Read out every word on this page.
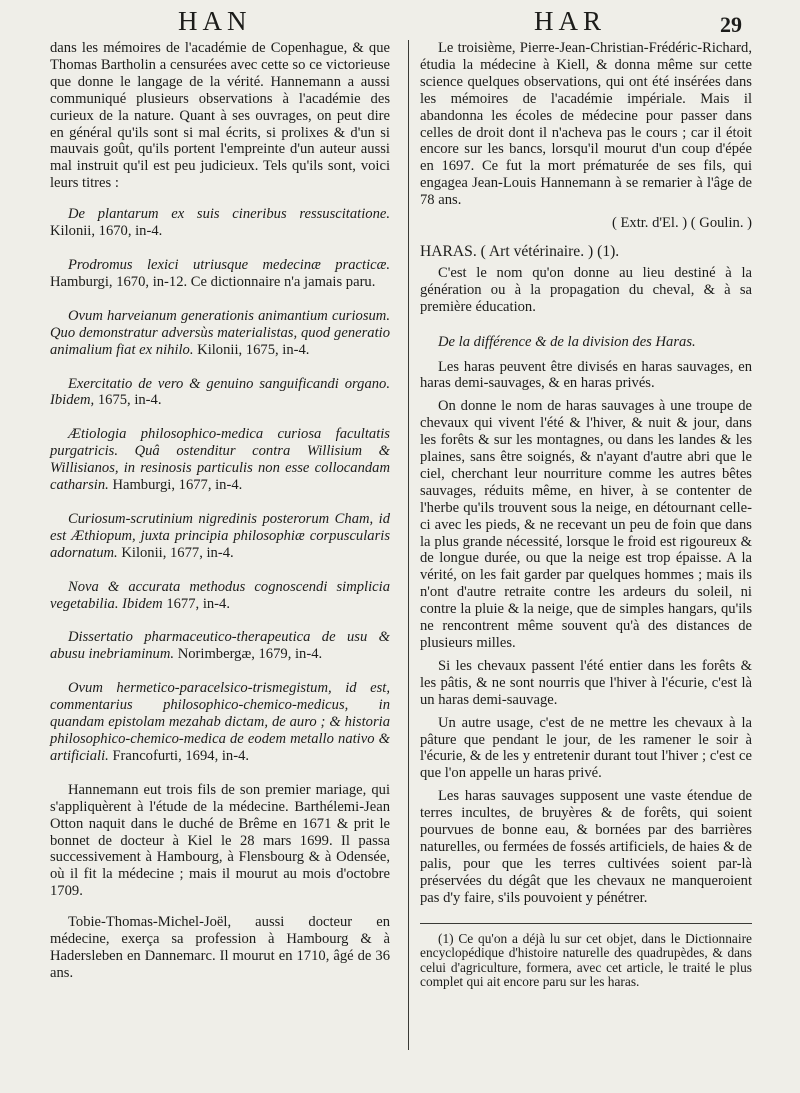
HAN	HAR	29

dans les mémoires de l'académie de Copenhague, & que Thomas Bartholin a censurées avec cette so ce victorieuse que donne le langage de la vérité. Hannemann a aussi communiqué plusieurs observations à l'académie des curieux de la nature. Quant à ses ouvrages, on peut dire en général qu'ils sont si mal écrits, si prolixes & d'un si mauvais goût, qu'ils portent l'empreinte d'un auteur aussi mal instruit qu'il est peu judicieux. Tels qu'ils sont, voici leurs titres :

De plantarum ex suis cineribus ressuscitatione. Kilonii, 1670, in-4.

Prodromus lexici utriusque medecinæ practicæ. Hamburgi, 1670, in-12. Ce dictionnaire n'a jamais paru.

Ovum harveianum generationis animantium curiosum. Quo demonstratur adversùs materialistas, quod generatio animalium fiat ex nihilo. Kilonii, 1675, in-4.

Exercitatio de vero & genuino sanguificandi organo. Ibidem, 1675, in-4.

Ætiologia philosophico-medica curiosa facultatis purgatricis. Quâ ostenditur contra Willisium & Willisianos, in resinosis particulis non esse collocandam catharsin. Hamburgi, 1677, in-4.

Curiosum-scrutinium nigredinis posterorum Cham, id est Æthiopum, juxta principia philosophiæ corpuscularis adornatum. Kilonii, 1677, in-4.

Nova & accurata methodus cognoscendi simplicia vegetabilia. Ibidem 1677, in-4.

Dissertatio pharmaceutico-therapeutica de usu & abusu inebriaminum. Norimbergæ, 1679, in-4.

Ovum hermetico-paracelsico-trismegistum, id est, commentarius philosophico-chemico-medicus, in quandam epistolam mezahab dictam, de auro ; & historia philosophico-chemico-medica de eodem metallo nativo & artificiali. Francofurti, 1694, in-4.

Hannemann eut trois fils de son premier mariage, qui s'appliquèrent à l'étude de la médecine. Barthélemi-Jean Otton naquit dans le duché de Brême en 1671 & prit le bonnet de docteur à Kiel le 28 mars 1699. Il passa successivement à Hambourg, à Flensbourg & à Odensée, où il fit la médecine ; mais il mourut au mois d'octobre 1709.

Tobie-Thomas-Michel-Joël, aussi docteur en médecine, exerça sa profession à Hambourg & à Hadersleben en Dannemarc. Il mourut en 1710, âgé de 36 ans.

Le troisième, Pierre-Jean-Christian-Frédéric-Richard, étudia la médecine à Kiell, & donna même sur cette science quelques observations, qui ont été insérées dans les mémoires de l'académie impériale. Mais il abandonna les écoles de médecine pour passer dans celles de droit dont il n'acheva pas le cours ; car il étoit encore sur les bancs, lorsqu'il mourut d'un coup d'épée en 1697. Ce fut la mort prématurée de ses fils, qui engagea Jean-Louis Hannemann à se remarier à l'âge de 78 ans.

( Extr. d'El. ) ( Goulin. )

HARAS. ( Art vétérinaire. ) (1).

C'est le nom qu'on donne au lieu destiné à la génération ou à la propagation du cheval, & à sa première éducation.

De la différence & de la division des Haras.

Les haras peuvent être divisés en haras sauvages, en haras demi-sauvages, & en haras privés.

On donne le nom de haras sauvages à une troupe de chevaux qui vivent l'été & l'hiver, & nuit & jour, dans les forêts & sur les montagnes, ou dans les landes & les plaines, sans être soignés, & n'ayant d'autre abri que le ciel, cherchant leur nourriture comme les autres bêtes sauvages, réduits même, en hiver, à se contenter de l'herbe qu'ils trouvent sous la neige, en détournant celle-ci avec les pieds, & ne recevant un peu de foin que dans la plus grande nécessité, lorsque le froid est rigoureux & de longue durée, ou que la neige est trop épaisse. A la vérité, on les fait garder par quelques hommes ; mais ils n'ont d'autre retraite contre les ardeurs du soleil, ni contre la pluie & la neige, que de simples hangars, qu'ils ne rencontrent même souvent qu'à des distances de plusieurs milles.

Si les chevaux passent l'été entier dans les forêts & les pâtis, & ne sont nourris que l'hiver à l'écurie, c'est là un haras demi-sauvage.

Un autre usage, c'est de ne mettre les chevaux à la pâture que pendant le jour, de les ramener le soir à l'écurie, & de les y entretenir durant tout l'hiver ; c'est ce que l'on appelle un haras privé.

Les haras sauvages supposent une vaste étendue de terres incultes, de bruyères & de forêts, qui soient pourvues de bonne eau, & bornées par des barrières naturelles, ou fermées de fossés artificiels, de haies & de palis, pour que les terres cultivées soient par-là préservées du dégât que les chevaux ne manqueroient pas d'y faire, s'ils pouvoient y pénétrer.

(1) Ce qu'on a déjà lu sur cet objet, dans le Dictionnaire encyclopédique d'histoire naturelle des quadrupèdes, & dans celui d'agriculture, formera, avec cet article, le traité le plus complet qui ait encore paru sur les haras.
